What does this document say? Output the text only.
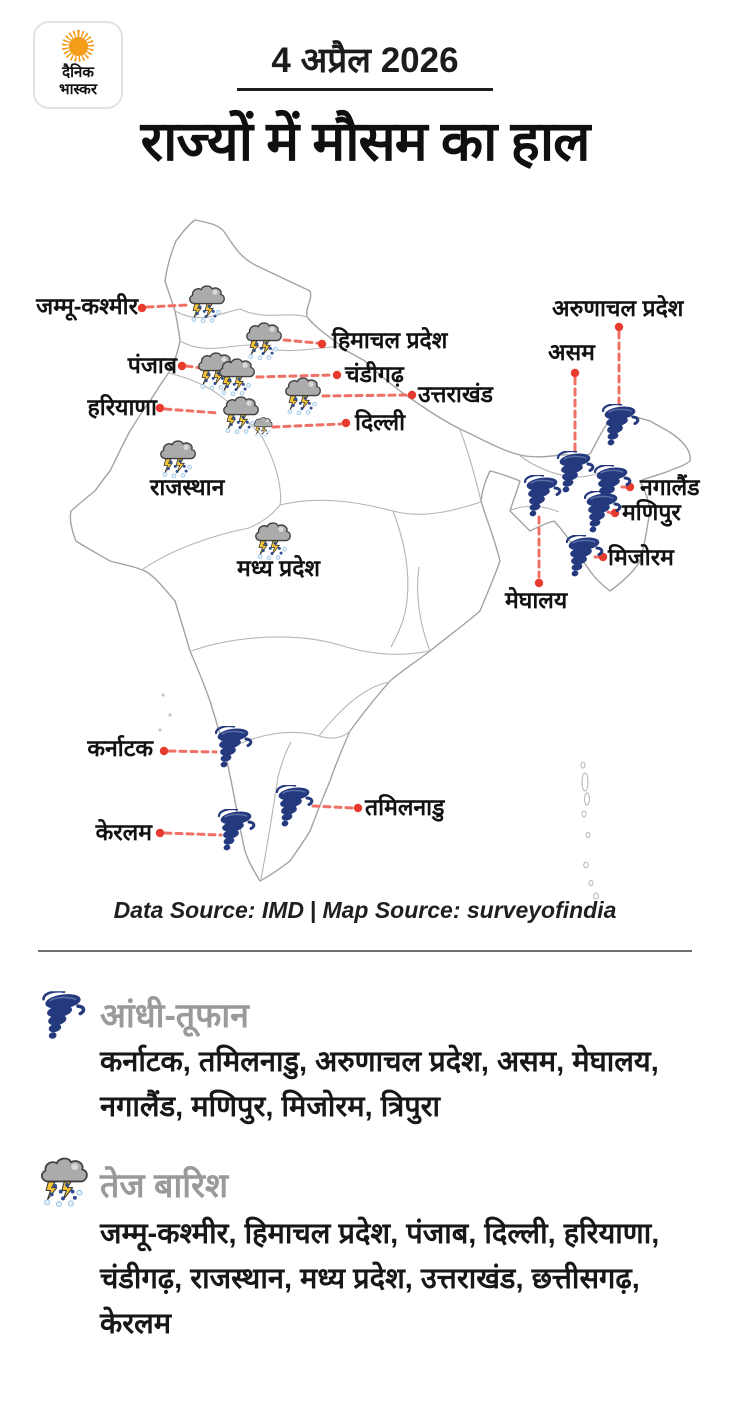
दैनिक
भास्कर
4 अप्रैल 2026
राज्यों में मौसम का हाल
जम्मू-कश्मीर
पंजाब
हरियाणा
हिमाचल प्रदेश
चंडीगढ़
उत्तराखंड
दिल्ली
राजस्थान
मध्य प्रदेश
अरुणाचल प्रदेश
असम
नगालैंड
मणिपुर
मिजोरम
मेघालय
कर्नाटक
केरलम
तमिलनाडु
Data Source: IMD | Map Source: surveyofindia
आंधी-तूफान
कर्नाटक, तमिलनाडु, अरुणाचल प्रदेश, असम, मेघालय, नगालैंड, मणिपुर, मिजोरम, त्रिपुरा
तेज बारिश
जम्मू-कश्मीर, हिमाचल प्रदेश, पंजाब, दिल्ली, हरियाणा, चंडीगढ़, राजस्थान, मध्य प्रदेश, उत्तराखंड, छत्तीसगढ़, केरलम
